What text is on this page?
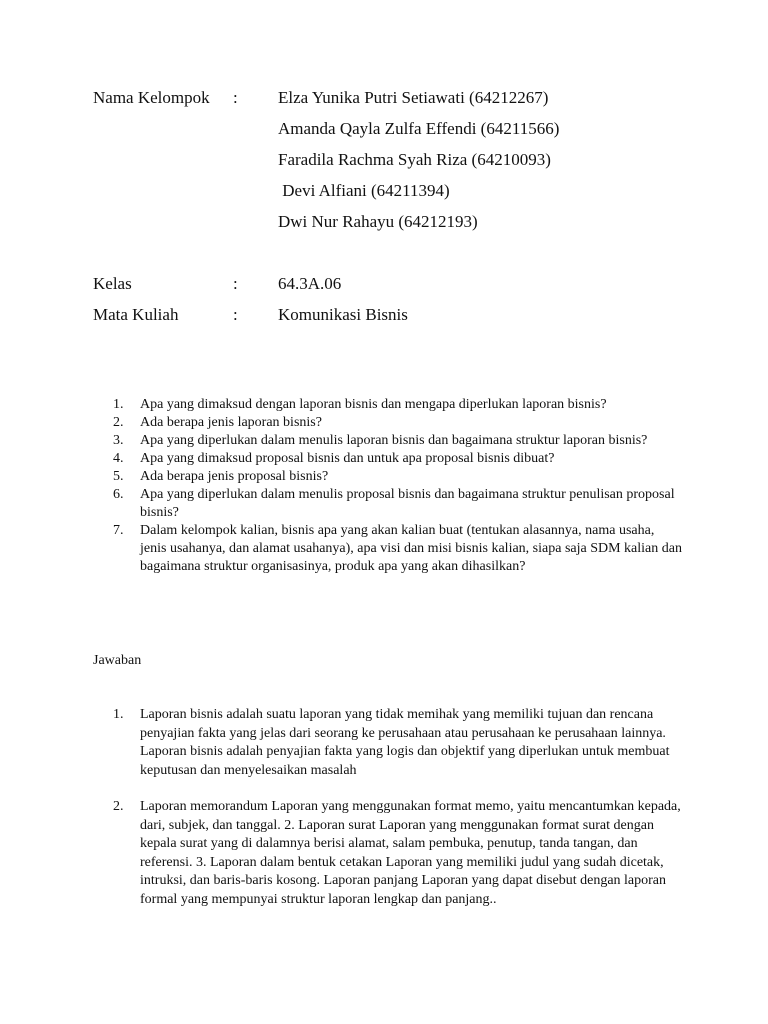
Nama Kelompok : Elza Yunika Putri Setiawati (64212267)
Amanda Qayla Zulfa Effendi (64211566)
Faradila Rachma Syah Riza (64210093)
Devi Alfiani (64211394)
Dwi Nur Rahayu (64212193)
Kelas	: 64.3A.06
Mata Kuliah	: Komunikasi Bisnis
1. Apa yang dimaksud dengan laporan bisnis dan mengapa diperlukan laporan bisnis?
2. Ada berapa jenis laporan bisnis?
3. Apa yang diperlukan dalam menulis laporan bisnis dan bagaimana struktur laporan bisnis?
4. Apa yang dimaksud proposal bisnis dan untuk apa proposal bisnis dibuat?
5. Ada berapa jenis proposal bisnis?
6. Apa yang diperlukan dalam menulis proposal bisnis dan bagaimana struktur penulisan proposal bisnis?
7. Dalam kelompok kalian, bisnis apa yang akan kalian buat (tentukan alasannya, nama usaha, jenis usahanya, dan alamat usahanya), apa visi dan misi bisnis kalian, siapa saja SDM kalian dan bagaimana struktur organisasinya, produk apa yang akan dihasilkan?
Jawaban
1. Laporan bisnis adalah suatu laporan yang tidak memihak yang memiliki tujuan dan rencana penyajian fakta yang jelas dari seorang ke perusahaan atau perusahaan ke perusahaan lainnya. Laporan bisnis adalah penyajian fakta yang logis dan objektif yang diperlukan untuk membuat keputusan dan menyelesaikan masalah
2. Laporan memorandum Laporan yang menggunakan format memo, yaitu mencantumkan kepada, dari, subjek, dan tanggal. 2. Laporan surat Laporan yang menggunakan format surat dengan kepala surat yang di dalamnya berisi alamat, salam pembuka, penutup, tanda tangan, dan referensi. 3. Laporan dalam bentuk cetakan Laporan yang memiliki judul yang sudah dicetak, intruksi, dan baris-baris kosong. Laporan panjang Laporan yang dapat disebut dengan laporan formal yang mempunyai struktur laporan lengkap dan panjang..
